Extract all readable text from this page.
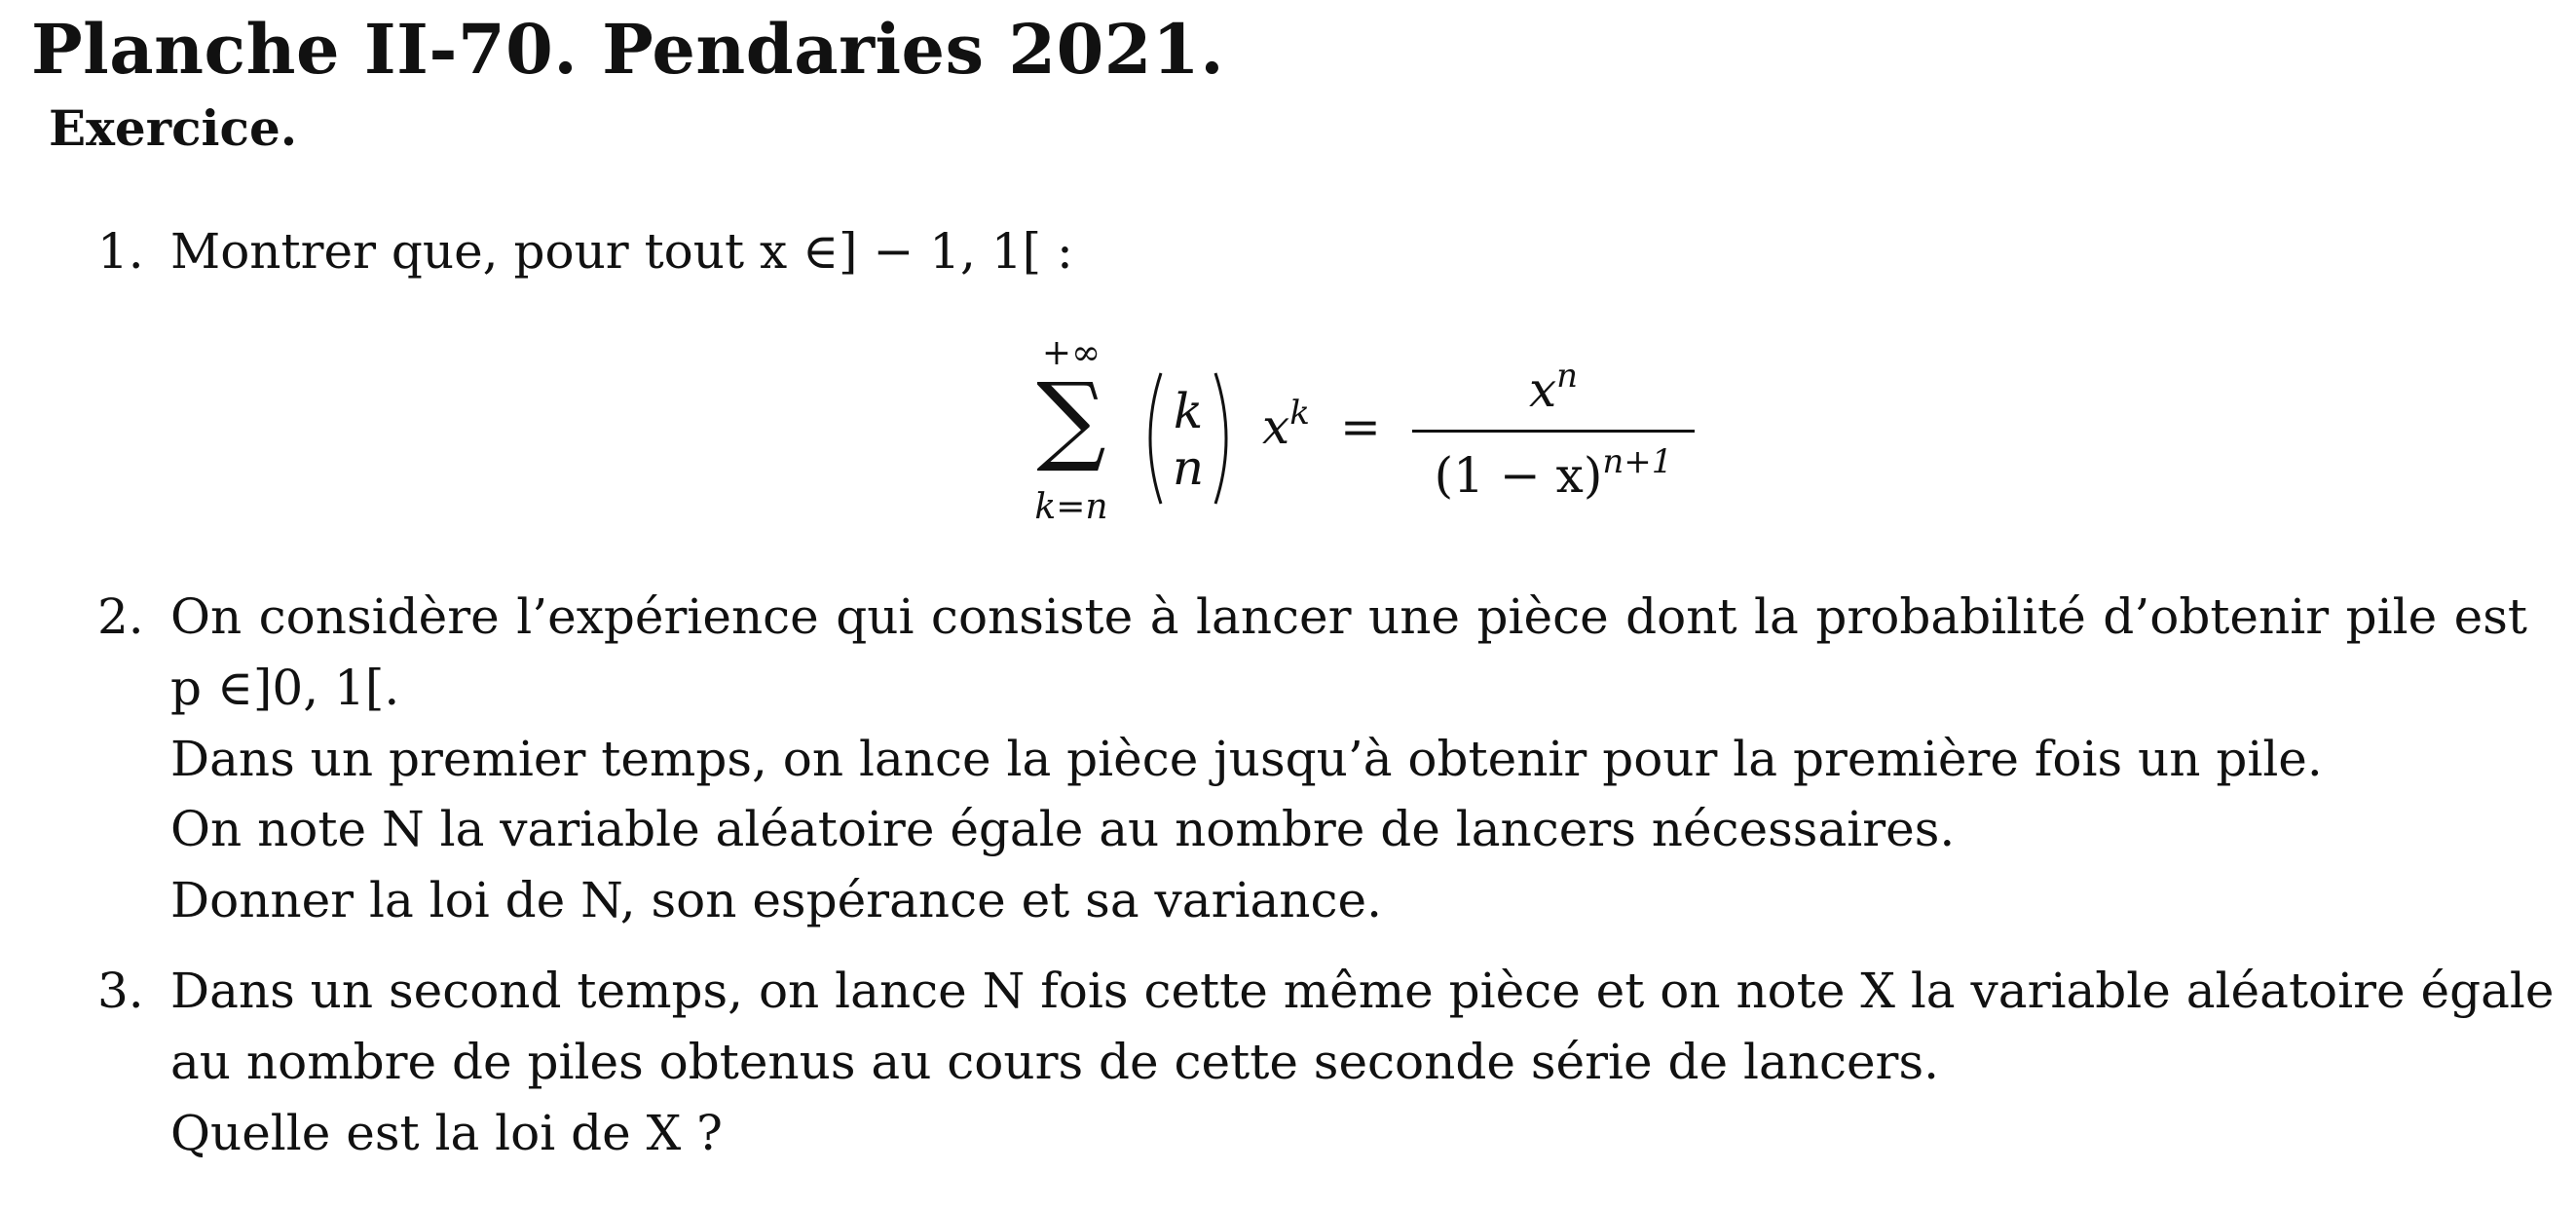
Planche II-70. Pendaries 2021.
Exercice.
1. Montrer que, pour tout x ∈] − 1, 1[ :
+∞
∑
k=n
k
n
$x^k$ =
$x^n$
$(1 - x)^{n+1}$
2. On considère l’expérience qui consiste à lancer une pièce dont la probabilité d’obtenir pile est
p ∈]0, 1[.
Dans un premier temps, on lance la pièce jusqu’à obtenir pour la première fois un pile.
On note N la variable aléatoire égale au nombre de lancers nécessaires.
Donner la loi de N, son espérance et sa variance.
3. Dans un second temps, on lance N fois cette même pièce et on note X la variable aléatoire égale
au nombre de piles obtenus au cours de cette seconde série de lancers.
Quelle est la loi de X ?
